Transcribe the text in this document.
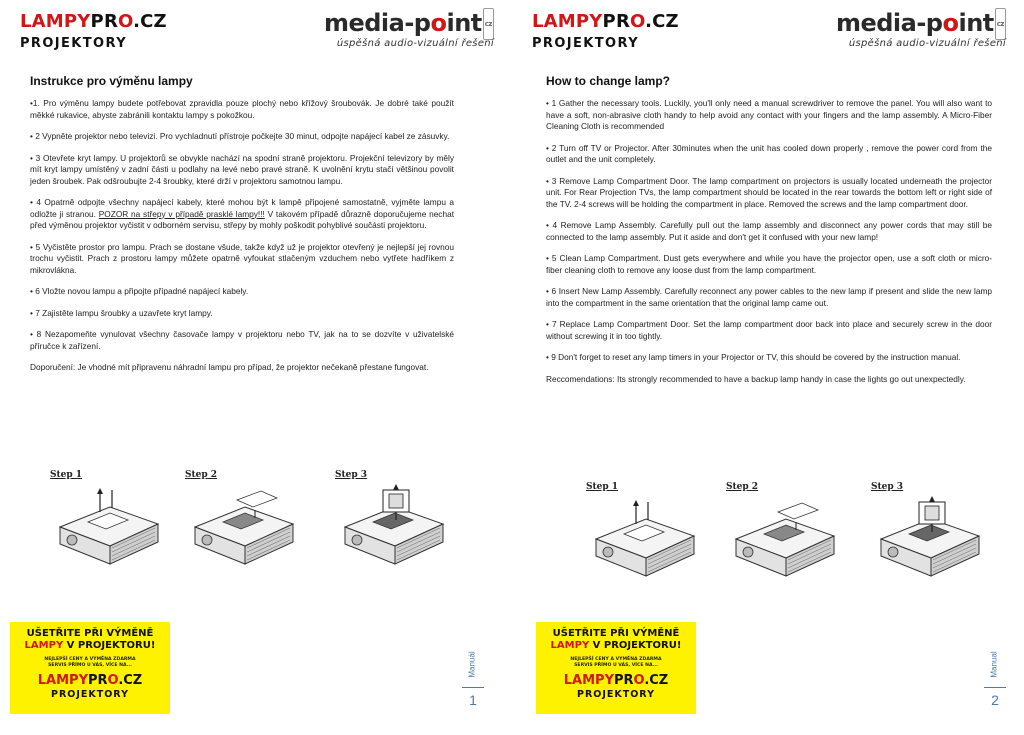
LAMPYPRO.CZ
PROJEKTORY
media-point cz
úspěšná audio-vizuální řešení
Instrukce pro výměnu lampy

•1. Pro výměnu lampy budete potřebovat zpravidla pouze plochý nebo křížový šroubovák. Je dobré také použít měkké rukavice, abyste zabránili kontaktu lampy s pokožkou.

• 2 Vypněte projektor nebo televizi. Pro vychladnutí přístroje počkejte 30 minut, odpojte napájecí kabel ze zásuvky.

• 3 Otevřete kryt lampy. U projektorů se obvykle nachází na spodní straně projektoru. Projekční televizory by měly mít kryt lampy umístěný v zadní části u podlahy na levé nebo pravé straně. K uvolnění krytu stačí většinou povolit jeden šroubek. Pak odšroubujte 2-4 šroubky, které drží v projektoru samotnou lampu.

• 4 Opatrně odpojte všechny napájecí kabely, které mohou být k lampě připojené samostatně, vyjměte lampu a odložte ji stranou. POZOR na střepy v případě prasklé lampy!!! V takovém případě důrazně doporučujeme nechat před výměnou projektor vyčistit v odborném servisu, střepy by mohly poškodit pohyblivé součásti projektoru.

• 5 Vyčistěte prostor pro lampu. Prach se dostane všude, takže když už je projektor otevřený je nejlepší jej rovnou trochu vyčistit. Prach z prostoru lampy můžete opatrně vyfoukat stlačeným vzduchem nebo vytřete hadříkem z mikrovlákna.

• 6 Vložte novou lampu a připojte případné napájecí kabely.

• 7 Zajistěte lampu šroubky a uzavřete kryt lampy.

• 8 Nezapomeňte vynulovat všechny časovače lampy v projektoru nebo TV, jak na to se dozvíte v uživatelské příručce k zařízení.

Doporučení: Je vhodné mít připravenu náhradní lampu pro případ, že projektor nečekaně přestane fungovat.

Step 1	Step 2	Step 3
UŠETŘITE PŘI VÝMĚNĚ
LAMPY V PROJEKTORU!
NEJLEPŠÍ CENY A VÝMĚNA ZDARMA
SERVIS PŘÍMO U VÁS, VÍCE NA...
LAMPYPRO.CZ
PROJEKTORY
Manuál
1
LAMPYPRO.CZ
PROJEKTORY
media-point cz
úspěšná audio-vizuální řešení
How to change lamp?

• 1 Gather the necessary tools. Luckily, you'll only need a manual screwdriver to remove the panel. You will also want to have a soft, non-abrasive cloth handy to help avoid any contact with your fingers and the lamp assembly. A Micro-Fiber Cleaning Cloth is recommended

• 2 Turn off TV or Projector. After 30minutes when the unit has cooled down properly , remove the power cord from the outlet and the unit completely.

• 3 Remove Lamp Compartment Door. The lamp compartment on projectors is usually located underneath the projector unit. For Rear Projection TVs, the lamp compartment should be located in the rear towards the bottom left or right side of the TV. 2-4 screws will be holding the compartment in place. Removed the screws and the lamp compartment door.

• 4 Remove Lamp Assembly. Carefully pull out the lamp assembly and disconnect any power cords that may still be connected to the lamp assembly. Put it aside and don't get it confused with your new lamp!

• 5 Clean Lamp Compartment. Dust gets everywhere and while you have the projector open, use a soft cloth or micro-fiber cleaning cloth to remove any loose dust from the lamp compartment.

• 6 Insert New Lamp Assembly. Carefully reconnect any power cables to the new lamp if present and slide the new lamp into the compartment in the same orientation that the original lamp came out.

• 7 Replace Lamp Compartment Door. Set the lamp compartment door back into place and securely screw in the door without screwing it in too tightly.

• 9 Don't forget to reset any lamp timers in your Projector or TV, this should be covered by the instruction manual.

Reccomendations: Its strongly recommended to have a backup lamp handy in case the lights go out unexpectedly.

Step 1	Step 2	Step 3
UŠETŘITE PŘI VÝMĚNĚ
LAMPY V PROJEKTORU!
NEJLEPŠÍ CENY A VÝMĚNA ZDARMA
SERVIS PŘÍMO U VÁS, VÍCE NA...
LAMPYPRO.CZ
PROJEKTORY
Manual
2
